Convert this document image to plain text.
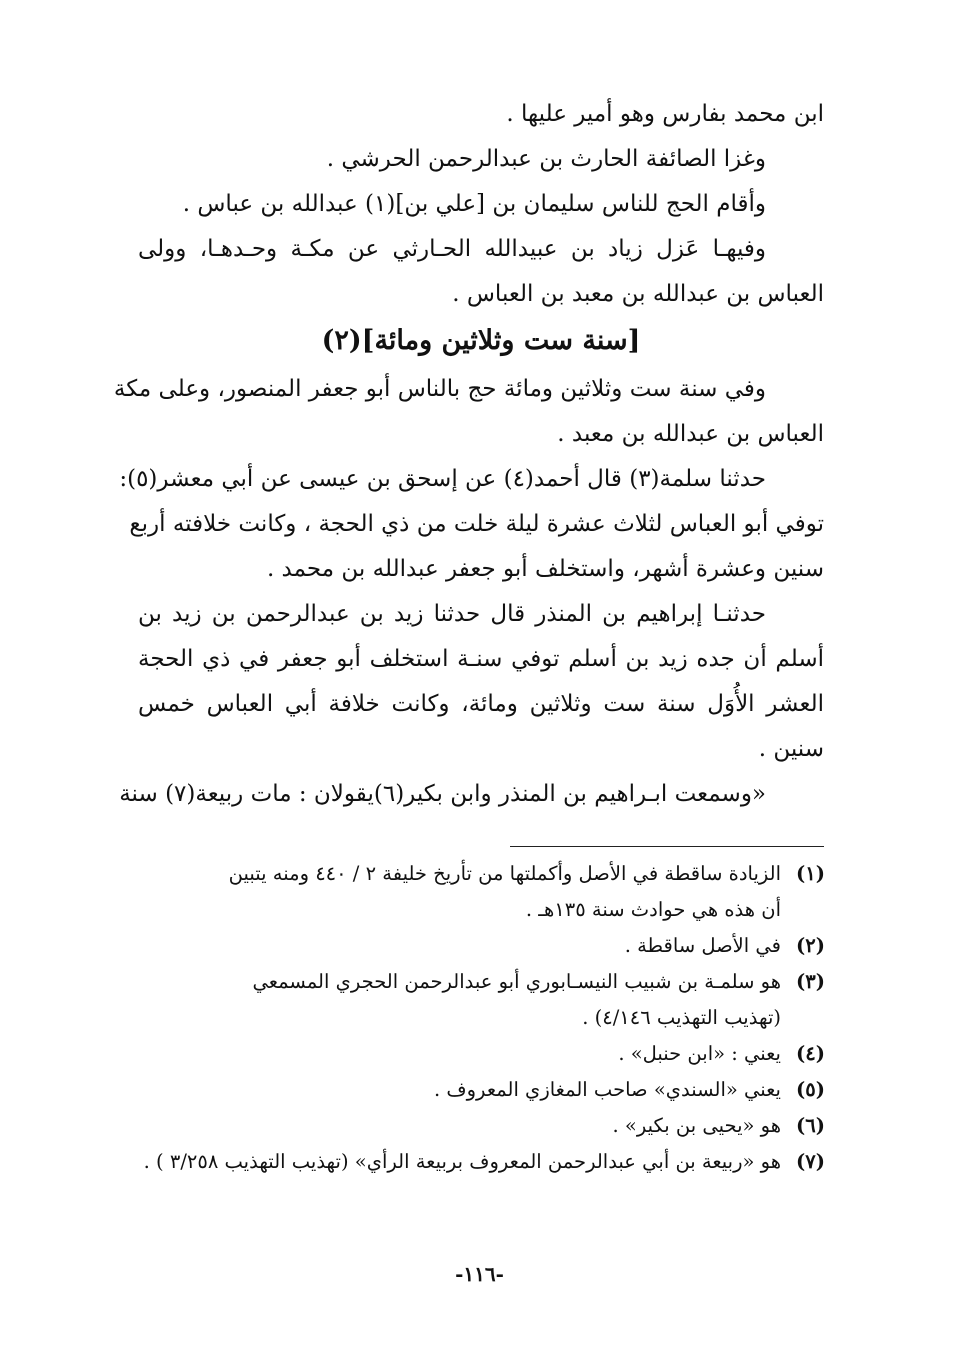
ابن محمد بفارس وهو أمير عليها .
وغزا الصائفة الحارث بن عبدالرحمن الحرشي .
وأقام الحج للناس سليمان بن [علي بن](١) عبدالله بن عباس .
وفيهـا عَزل زياد بن عبيدالله الحـارثي عن مكـة وحـدهـا، وولى
العباس بن عبدالله بن معبد بن العباس .
[سنة ست وثلاثين ومائة](٢)
وفي سنة ست وثلاثين ومائة حج بالناس أبو جعفر المنصور، وعلى مكة
العباس بن عبدالله بن معبد .
حدثنا سلمة(٣) قال أحمد(٤) عن إسحق بن عيسى عن أبي معشر(٥):
توفي أبو العباس لثلاث عشرة ليلة خلت من ذي الحجة ، وكانت خلافته أربع
سنين وعشرة أشهر، واستخلف أبو جعفر عبدالله بن محمد .
حدثنـا إبراهيم بن المنذر قال حدثنا زيد بن عبدالرحمن بن زيد بن
أسلم أن جده زيد بن أسلم توفي سنـة استخلف أبو جعفر في ذي الحجة
العشر الأُوَل سنة ست وثلاثين ومائة، وكانت خلافة أبي العباس خمس
سنين .
«وسمعت ابـراهيم بن المنذر وابن بكير(٦)يقولان : مات ربيعة(٧) سنة
(١)
الزيادة ساقطة في الأصل وأكملتها من تأريخ خليفة ٢ / ٤٤٠ ومنه يتبين
أن هذه هي حوادث سنة ١٣٥هـ .
(٢)
في الأصل ساقطة .
(٣)
هو سلمـة بن شبيب النيسـابوري أبو عبدالرحمن الحجري المسمعي
(تهذيب التهذيب ٤/١٤٦) .
(٤)
يعني : «ابن حنبل» .
(٥)
يعني «السندي» صاحب المغازي المعروف .
(٦)
هو «يحيى بن بكير» .
(٧)
هو «ربيعة بن أبي عبدالرحمن المعروف بربيعة الرأي» (تهذيب التهذيب ٣/٢٥٨ ) .
-١١٦-
